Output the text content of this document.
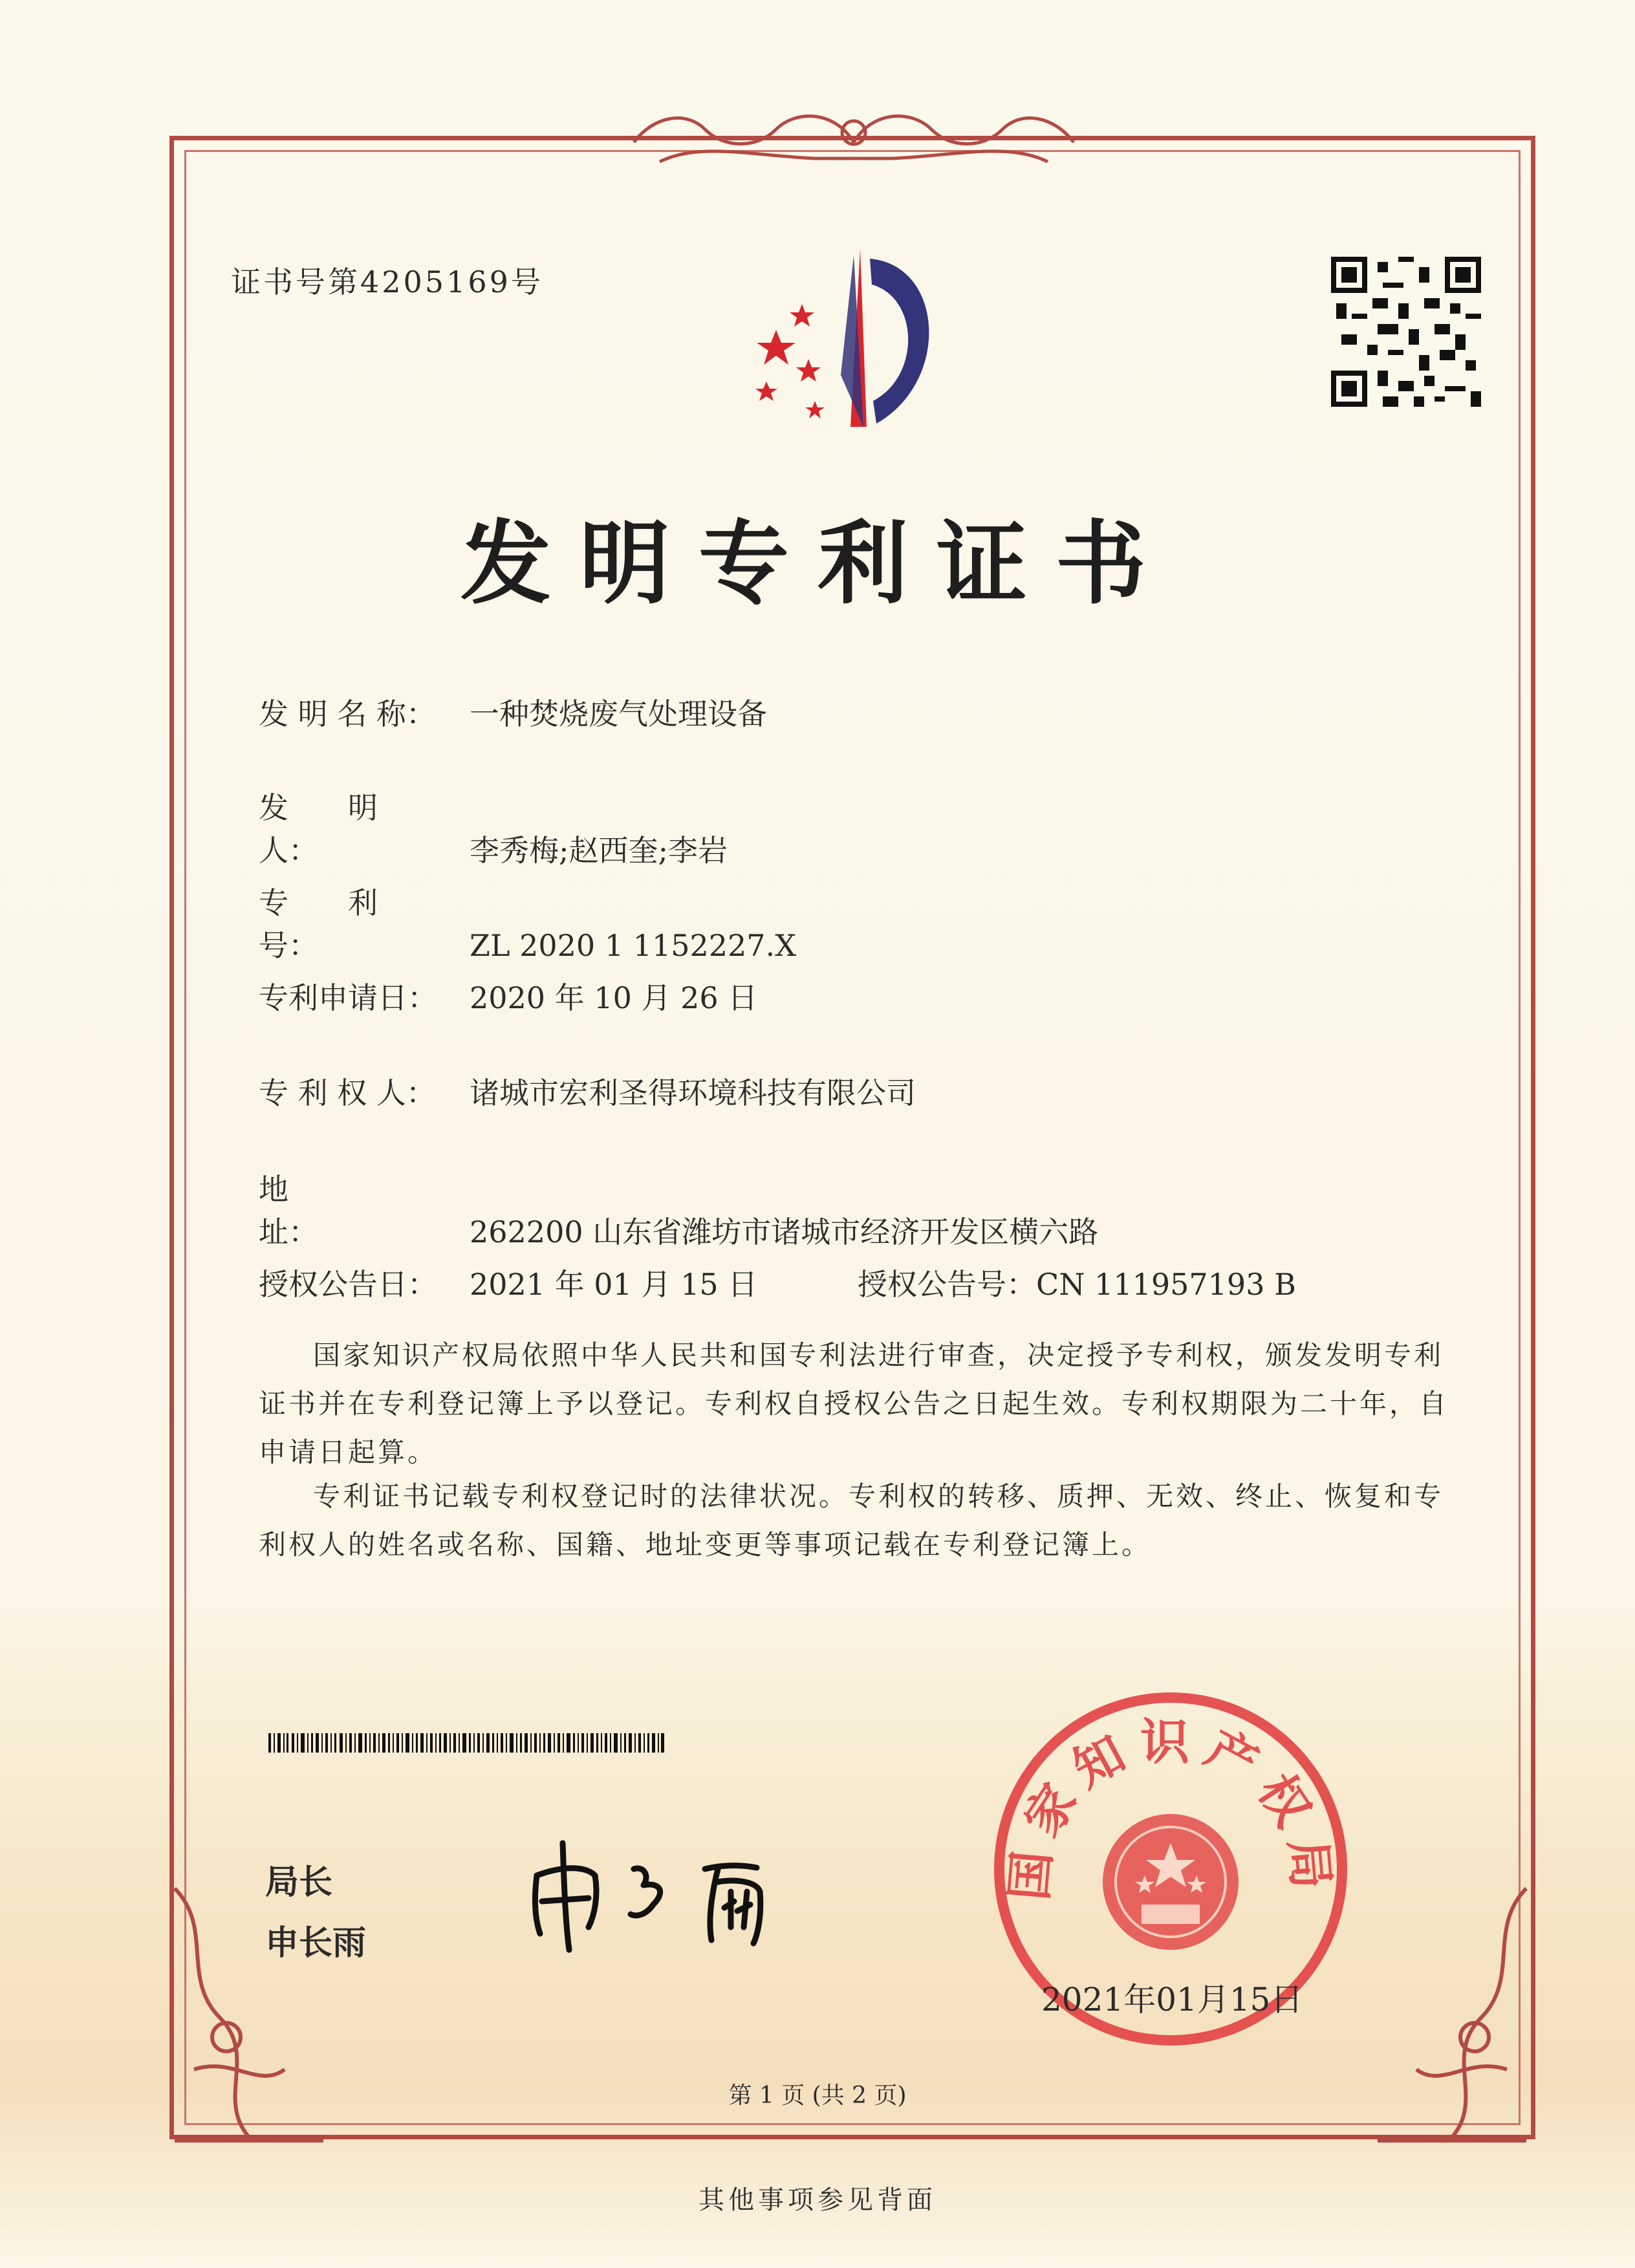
证书号第4205169号
发明专利证书
发 明 名 称： 一种焚烧废气处理设备
发　　明　　人：	李秀梅;赵西奎;李岩
专　　利　　号：	ZL 2020 1 1152227.X
专利申请日： 2020 年 10 月 26 日
专 利 权 人： 诸城市宏利圣得环境科技有限公司
地　　　　　址：	262200 山东省潍坊市诸城市经济开发区横六路
授权公告日： 2021 年 01 月 15 日	授权公告号：CN 111957193 B
国家知识产权局依照中华人民共和国专利法进行审查，决定授予专利权，颁发发明专利证书并在专利登记簿上予以登记。专利权自授权公告之日起生效。专利权期限为二十年，自申请日起算。
专利证书记载专利权登记时的法律状况。专利权的转移、质押、无效、终止、恢复和专利权人的姓名或名称、国籍、地址变更等事项记载在专利登记簿上。
局长
申长雨
国家知识产权局
2021年01月15日
第 1 页 (共 2 页)
其他事项参见背面
